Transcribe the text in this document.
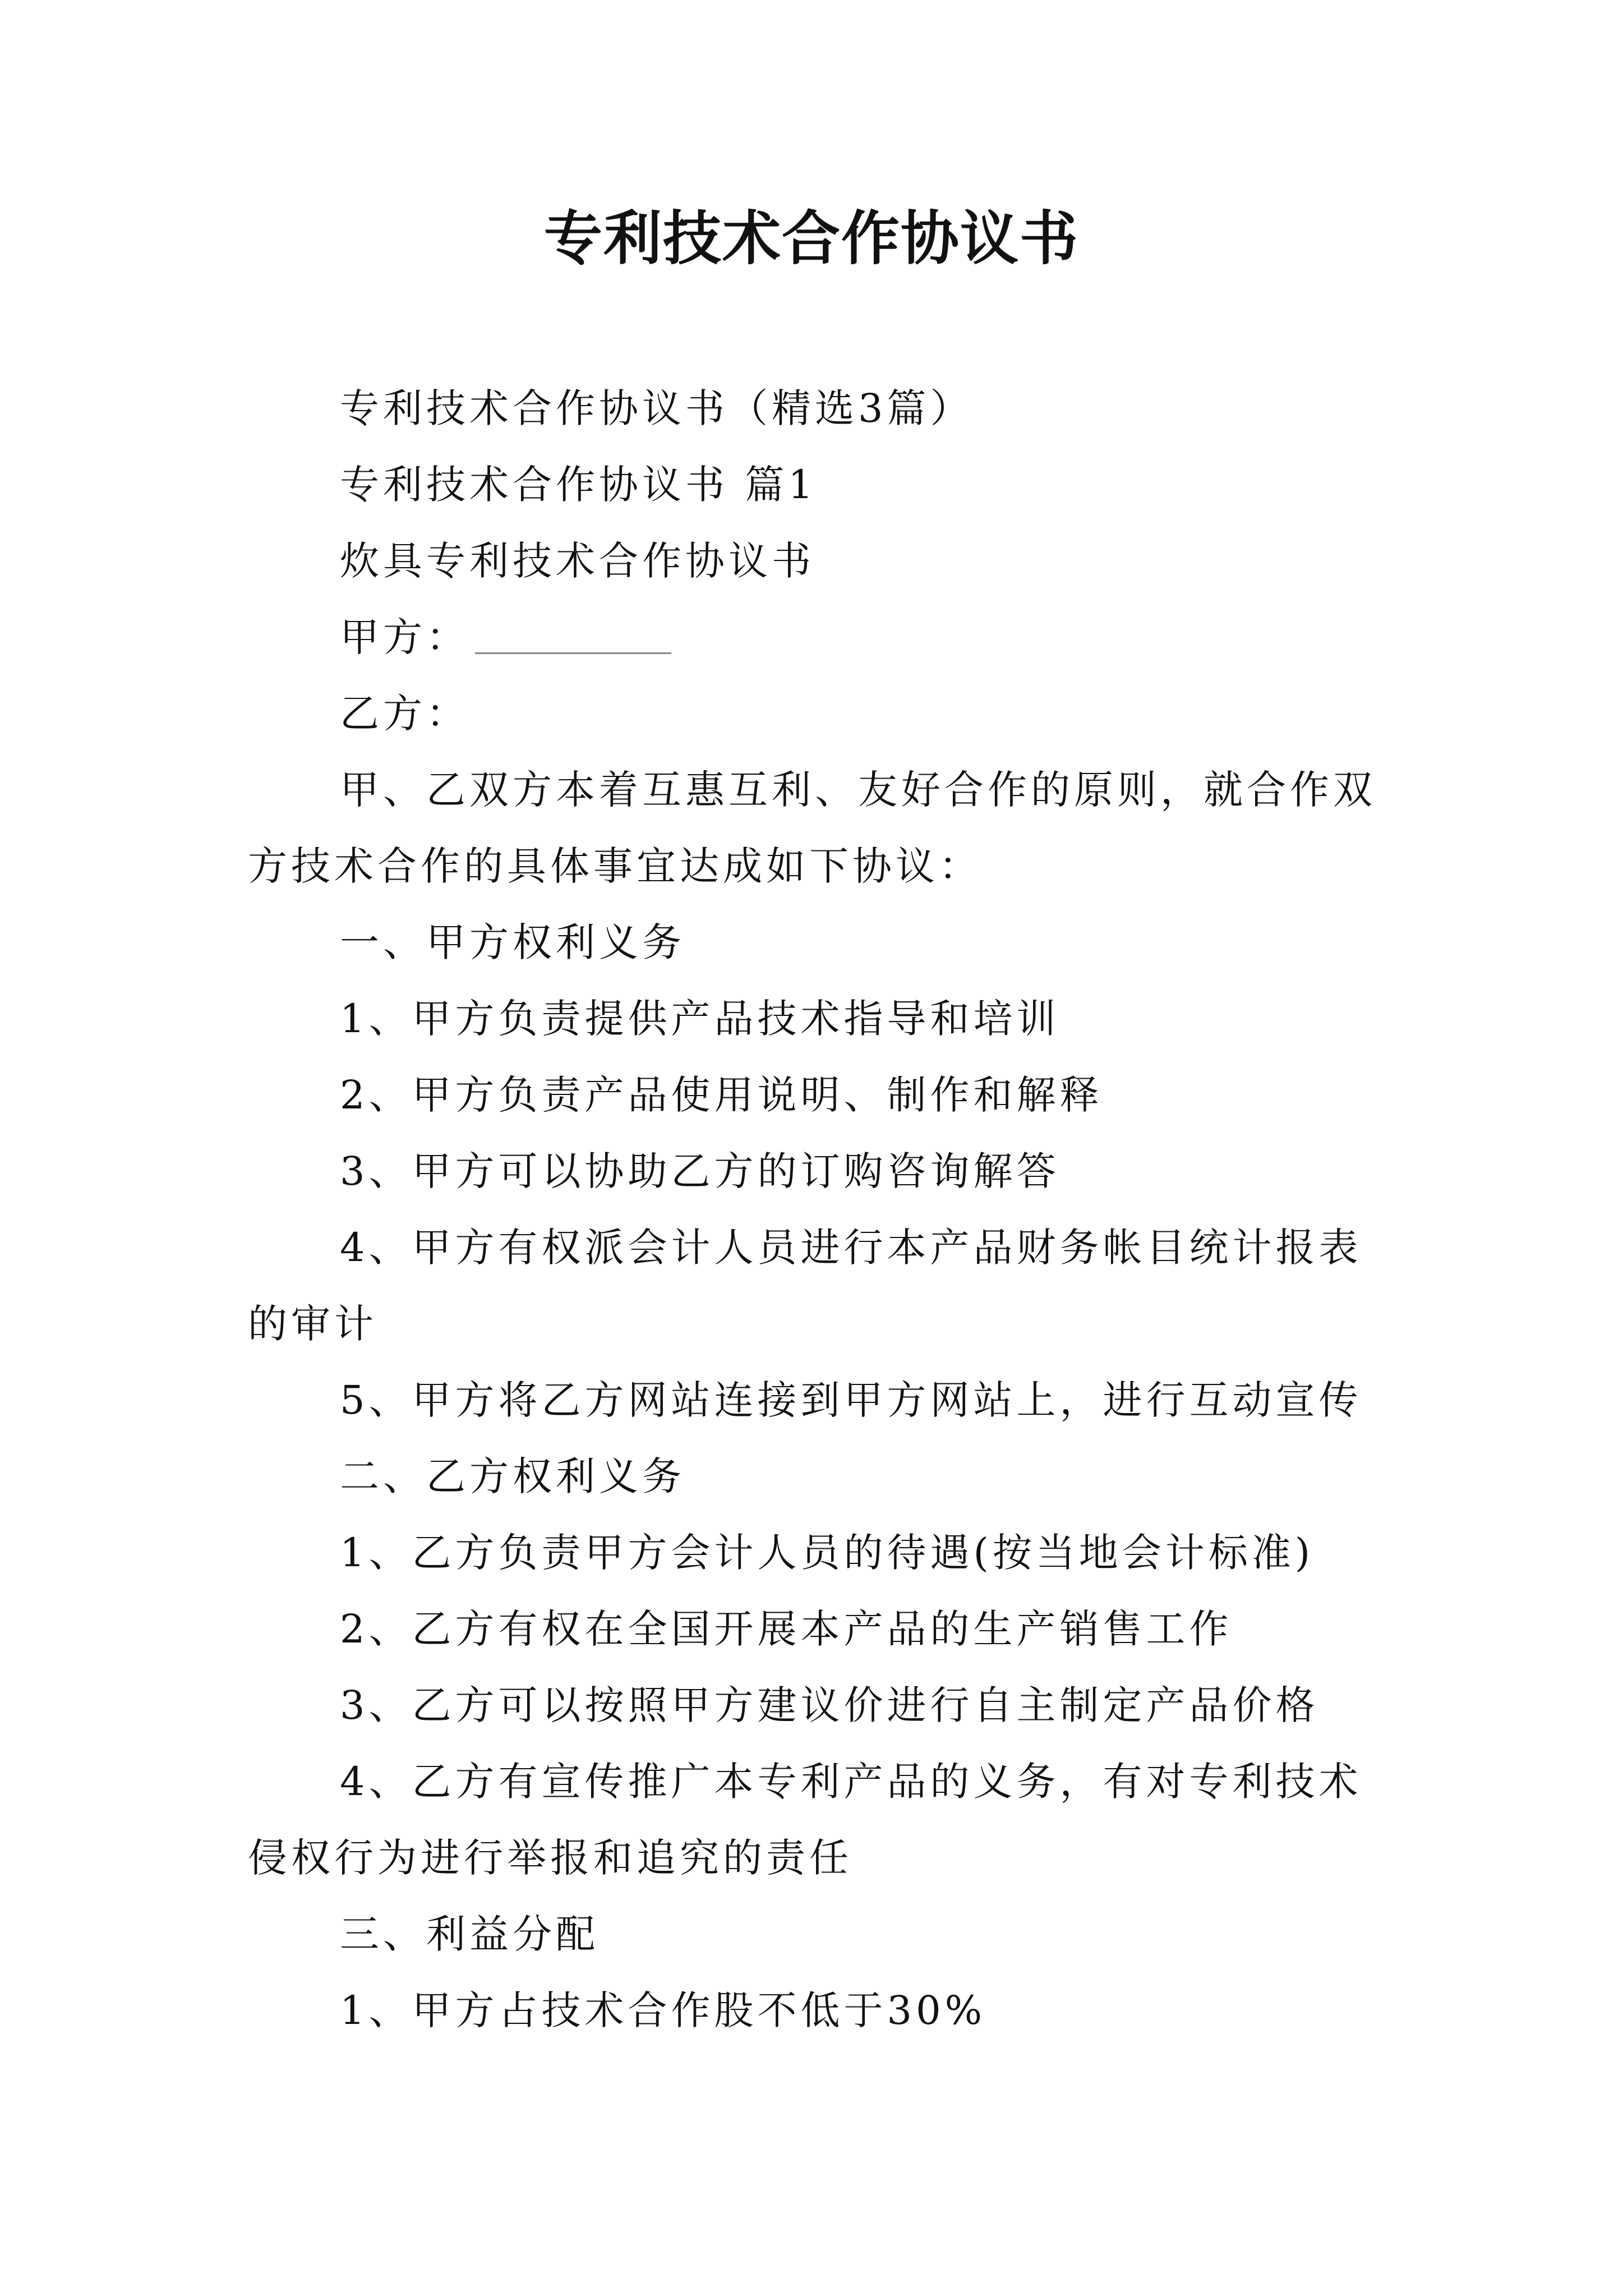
专利技术合作协议书
专利技术合作协议书（精选3篇）
专利技术合作协议书 篇1
炊具专利技术合作协议书
甲方：
乙方：
甲、乙双方本着互惠互利、友好合作的原则，就合作双
方技术合作的具体事宜达成如下协议：
一、甲方权利义务
1、甲方负责提供产品技术指导和培训
2、甲方负责产品使用说明、制作和解释
3、甲方可以协助乙方的订购咨询解答
4、甲方有权派会计人员进行本产品财务帐目统计报表
的审计
5、甲方将乙方网站连接到甲方网站上，进行互动宣传
二、乙方权利义务
1、乙方负责甲方会计人员的待遇(按当地会计标准)
2、乙方有权在全国开展本产品的生产销售工作
3、乙方可以按照甲方建议价进行自主制定产品价格
4、乙方有宣传推广本专利产品的义务，有对专利技术
侵权行为进行举报和追究的责任
三、利益分配
1、甲方占技术合作股不低于30%
